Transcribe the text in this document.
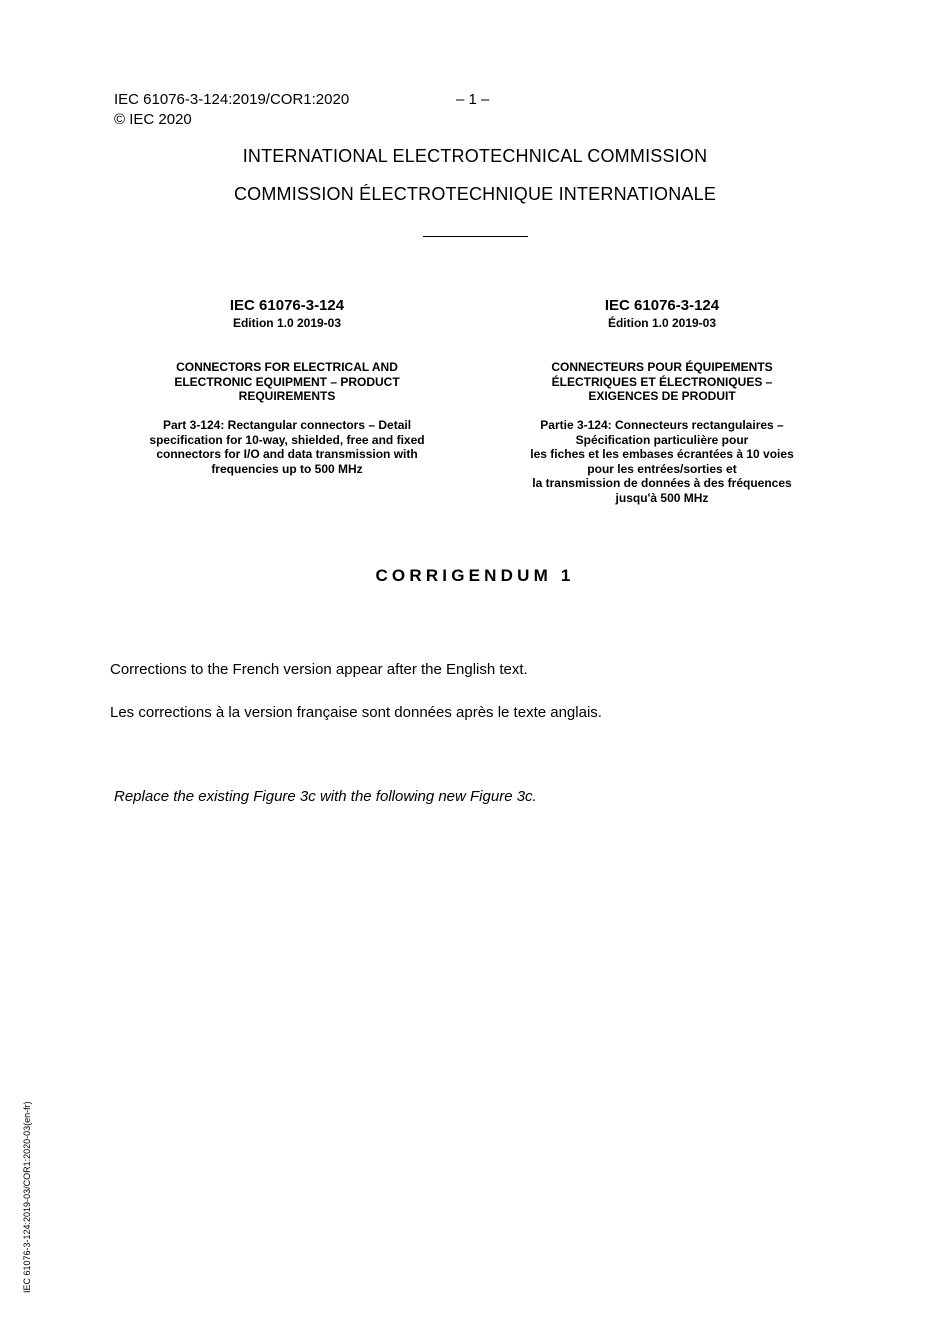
IEC 61076-3-124:2019/COR1:2020	– 1 –
© IEC 2020
INTERNATIONAL ELECTROTECHNICAL COMMISSION
COMMISSION ÉLECTROTECHNIQUE INTERNATIONALE
IEC 61076-3-124
Edition 1.0 2019-03
CONNECTORS FOR ELECTRICAL AND
ELECTRONIC EQUIPMENT – PRODUCT
REQUIREMENTS
Part 3-124: Rectangular connectors – Detail
specification for 10-way, shielded, free and fixed
connectors for I/O and data transmission with
frequencies up to 500 MHz
IEC 61076-3-124
Édition 1.0 2019-03
CONNECTEURS POUR ÉQUIPEMENTS
ÉLECTRIQUES ET ÉLECTRONIQUES –
EXIGENCES DE PRODUIT
Partie 3-124: Connecteurs rectangulaires –
Spécification particulière pour
les fiches et les embases écrantées à 10 voies
pour les entrées/sorties et
la transmission de données à des fréquences
jusqu'à 500 MHz
CORRIGENDUM 1
Corrections to the French version appear after the English text.
Les corrections à la version française sont données après le texte anglais.
Replace the existing Figure 3c with the following new Figure 3c.
IEC 61076-3-124:2019-03/COR1:2020-03(en-fr)
